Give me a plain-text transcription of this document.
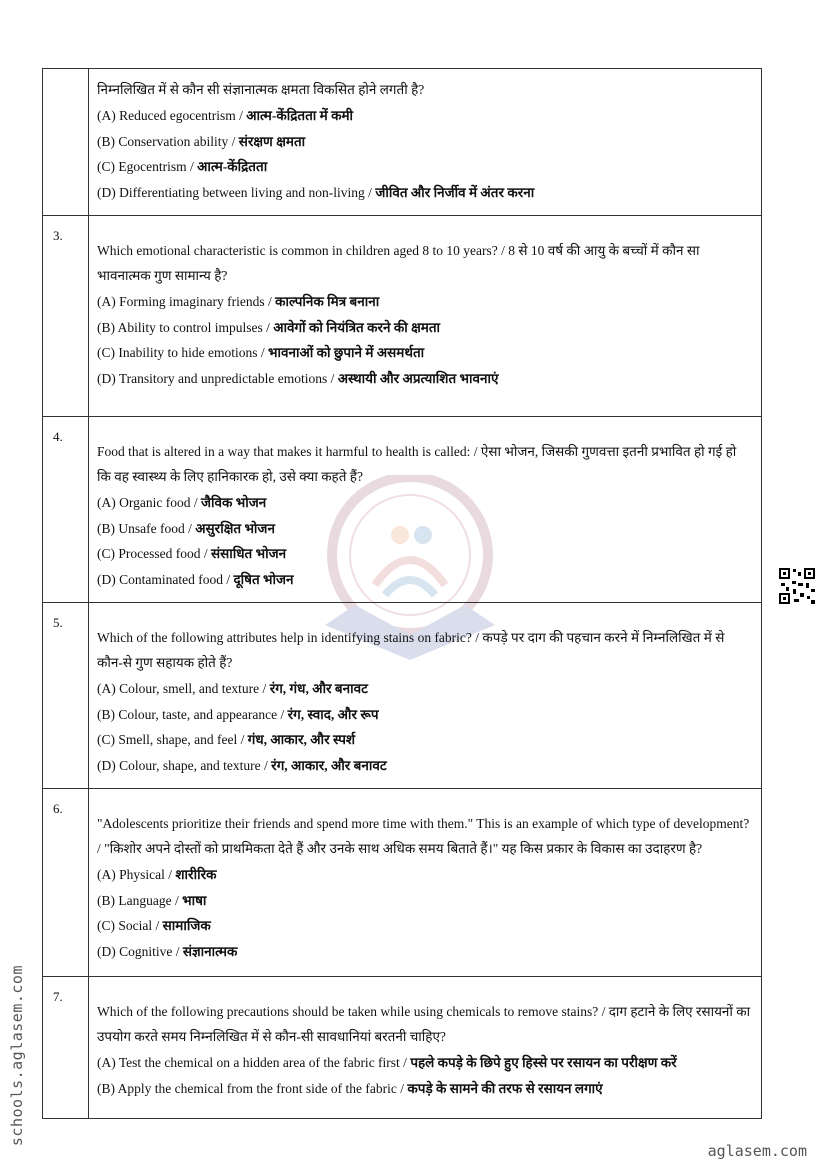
	निम्नलिखित में से कौन सी संज्ञानात्मक क्षमता विकसित होने लगती है?
(A) Reduced egocentrism / आत्म-केंद्रितता में कमी
(B) Conservation ability / संरक्षण क्षमता
(C) Egocentrism / आत्म-केंद्रितता
(D) Differentiating between living and non-living / जीवित और निर्जीव में अंतर करना

3.	Which emotional characteristic is common in children aged 8 to 10 years? / 8 से 10 वर्ष की आयु के बच्चों में कौन सा भावनात्मक गुण सामान्य है?
(A) Forming imaginary friends / काल्पनिक मित्र बनाना
(B) Ability to control impulses / आवेगों को नियंत्रित करने की क्षमता
(C) Inability to hide emotions / भावनाओं को छुपाने में असमर्थता
(D) Transitory and unpredictable emotions / अस्थायी और अप्रत्याशित भावनाएं

4.	Food that is altered in a way that makes it harmful to health is called: / ऐसा भोजन, जिसकी गुणवत्ता इतनी प्रभावित हो गई हो कि वह स्वास्थ्य के लिए हानिकारक हो, उसे क्या कहते हैं?
(A) Organic food / जैविक भोजन
(B) Unsafe food / असुरक्षित भोजन
(C) Processed food / संसाधित भोजन
(D) Contaminated food / दूषित भोजन

5.	Which of the following attributes help in identifying stains on fabric? / कपड़े पर दाग की पहचान करने में निम्नलिखित में से कौन-से गुण सहायक होते हैं?
(A) Colour, smell, and texture / रंग, गंध, और बनावट
(B) Colour, taste, and appearance / रंग, स्वाद, और रूप
(C) Smell, shape, and feel / गंध, आकार, और स्पर्श
(D) Colour, shape, and texture / रंग, आकार, और बनावट

6.	"Adolescents prioritize their friends and spend more time with them." This is an example of which type of development? / "किशोर अपने दोस्तों को प्राथमिकता देते हैं और उनके साथ अधिक समय बिताते हैं।" यह किस प्रकार के विकास का उदाहरण है?
(A) Physical / शारीरिक
(B) Language / भाषा
(C) Social / सामाजिक
(D) Cognitive / संज्ञानात्मक

7.	Which of the following precautions should be taken while using chemicals to remove stains? / दाग हटाने के लिए रसायनों का उपयोग करते समय निम्नलिखित में से कौन-सी सावधानियां बरतनी चाहिए?
(A) Test the chemical on a hidden area of the fabric first / पहले कपड़े के छिपे हुए हिस्से पर रसायन का परीक्षण करें
(B) Apply the chemical from the front side of the fabric / कपड़े के सामने की तरफ से रसायन लगाएं
schools.aglasem.com
aglasem.com
